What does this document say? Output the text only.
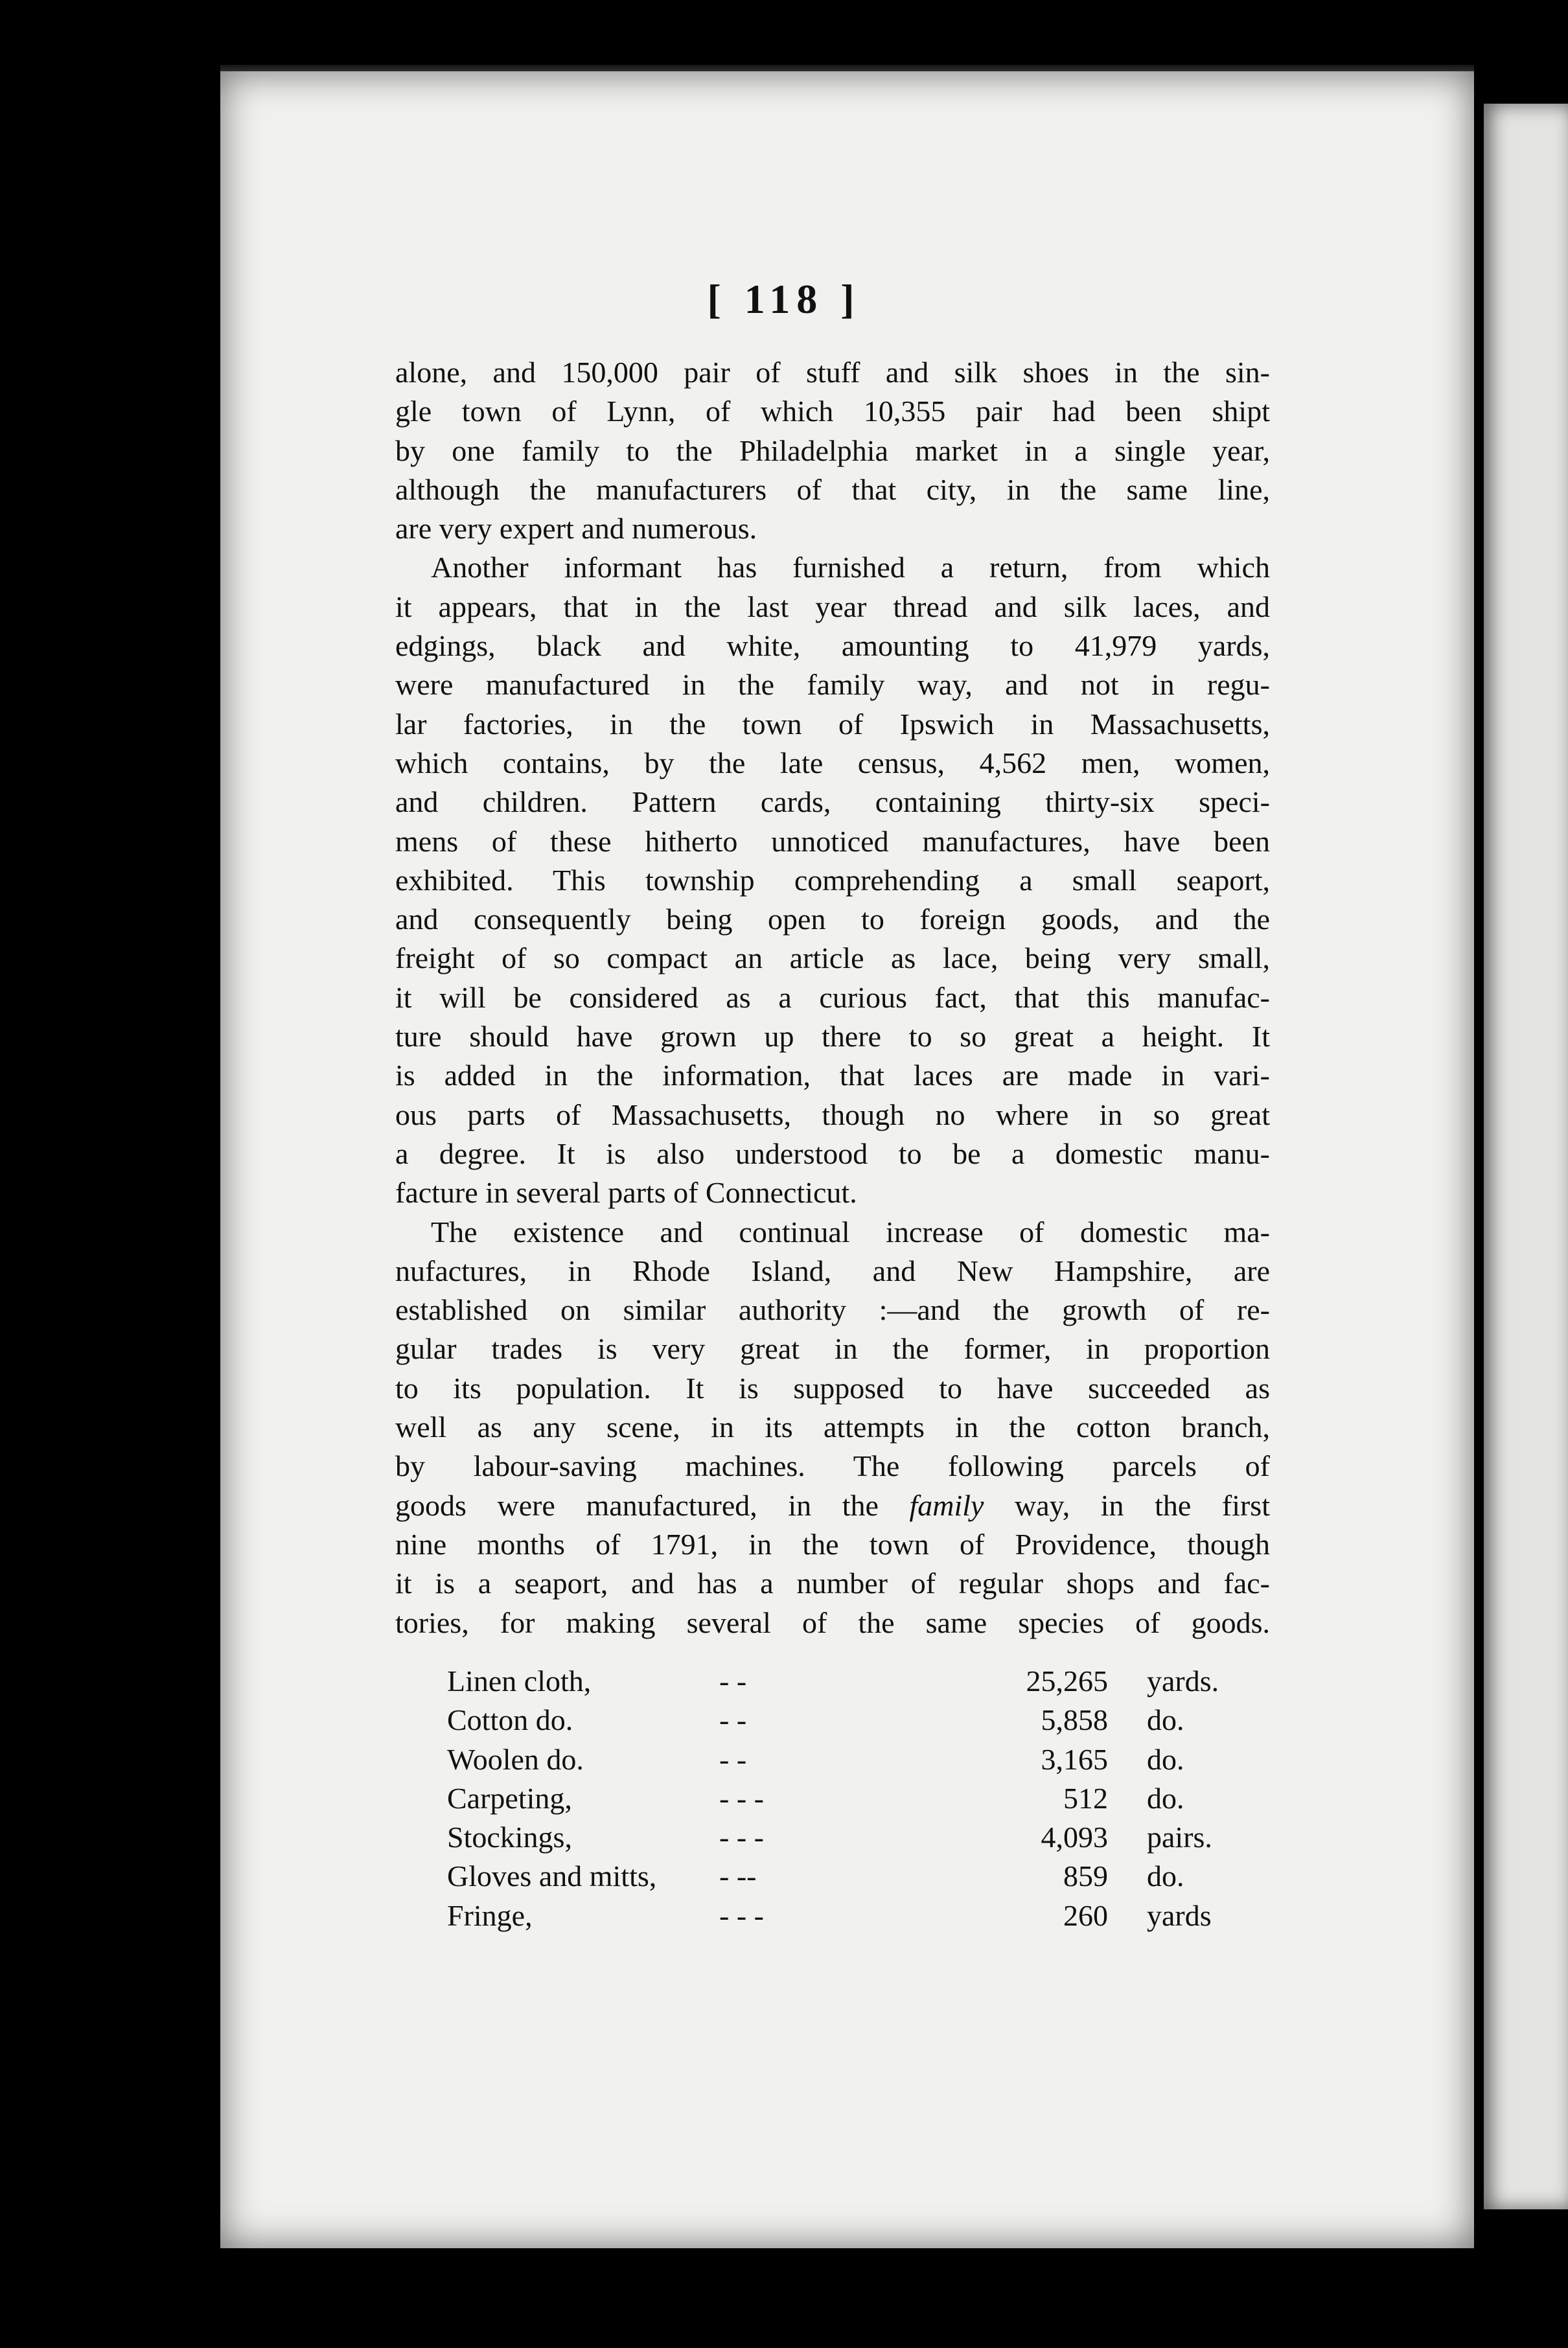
[ 118 ]
alone, and 150,000 pair of stuff and silk shoes in the sin-
gle town of Lynn, of which 10,355 pair had been shipt
by one family to the Philadelphia market in a single year,
although the manufacturers of that city, in the same line,
are very expert and numerous.
Another informant has furnished a return, from which
it appears, that in the last year thread and silk laces, and
edgings, black and white, amounting to 41,979 yards,
were manufactured in the family way, and not in regu-
lar factories, in the town of Ipswich in Massachusetts,
which contains, by the late census, 4,562 men, women,
and children. Pattern cards, containing thirty-six speci-
mens of these hitherto unnoticed manufactures, have been
exhibited. This township comprehending a small seaport,
and consequently being open to foreign goods, and the
freight of so compact an article as lace, being very small,
it will be considered as a curious fact, that this manufac-
ture should have grown up there to so great a height. It
is added in the information, that laces are made in vari-
ous parts of Massachusetts, though no where in so great
a degree. It is also understood to be a domestic manu-
facture in several parts of Connecticut.
The existence and continual increase of domestic ma-
nufactures, in Rhode Island, and New Hampshire, are
established on similar authority :—and the growth of re-
gular trades is very great in the former, in proportion
to its population. It is supposed to have succeeded as
well as any scene, in its attempts in the cotton branch,
by labour-saving machines. The following parcels of
goods were manufactured, in the family way, in the first
nine months of 1791, in the town of Providence, though
it is a seaport, and has a number of regular shops and fac-
tories, for making several of the same species of goods.
Linen cloth,	- -	25,265 yards.
Cotton do.	- -	5,858 do.
Woolen do.	- -	3,165 do.
Carpeting,	- - -	512 do.
Stockings,	- - -	4,093 pairs.
Gloves and mitts, - --	859 do.
Fringe,	- - -	260 yards
